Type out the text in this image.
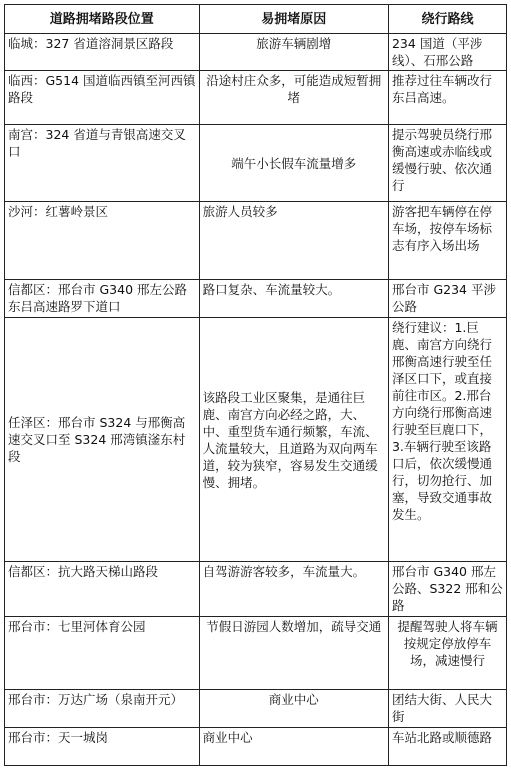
道路拥堵路段位置	易拥堵原因	绕行路线
临城：327 省道溶洞景区路段	旅游车辆剧增	234 国道（平涉线）、石邢公路
临西：G514 国道临西镇至河西镇路段	沿途村庄众多，可能造成短暂拥堵	推荐过往车辆改行东吕高速。
南宫：324 省道与青银高速交叉口	端午小长假车流量增多	提示驾驶员绕行邢衡高速或赤临线或缓慢行驶、依次通行
沙河：红薯岭景区	旅游人员较多	游客把车辆停在停车场，按停车场标志有序入场出场
信都区：邢台市 G340 邢左公路东吕高速路罗下道口	路口复杂、车流量较大。	邢台市 G234 平涉公路
任泽区：邢台市 S324 与邢衡高速交叉口至 S324 邢湾镇滏东村段	该路段工业区聚集，是通往巨鹿、南宫方向必经之路，大、中、重型货车通行频繁，车流、人流量较大，且道路为双向两车道，较为狭窄，容易发生交通缓慢、拥堵。	绕行建议：1.巨鹿、南宫方向绕行邢衡高速行驶至任泽区口下，或直接前往市区。2.邢台方向绕行邢衡高速行驶至巨鹿口下，3.车辆行驶至该路口后，依次缓慢通行，切勿抢行、加塞，导致交通事故发生。
信都区：抗大路天梯山路段	自驾游游客较多，车流量大。	邢台市 G340 邢左公路、S322 邢和公路
邢台市：七里河体育公园	节假日游园人数增加，疏导交通	提醒驾驶人将车辆按规定停放停车场，减速慢行
邢台市：万达广场（泉南开元）	商业中心	团结大街、人民大街
邢台市：天一城岗	商业中心	车站北路或顺德路
